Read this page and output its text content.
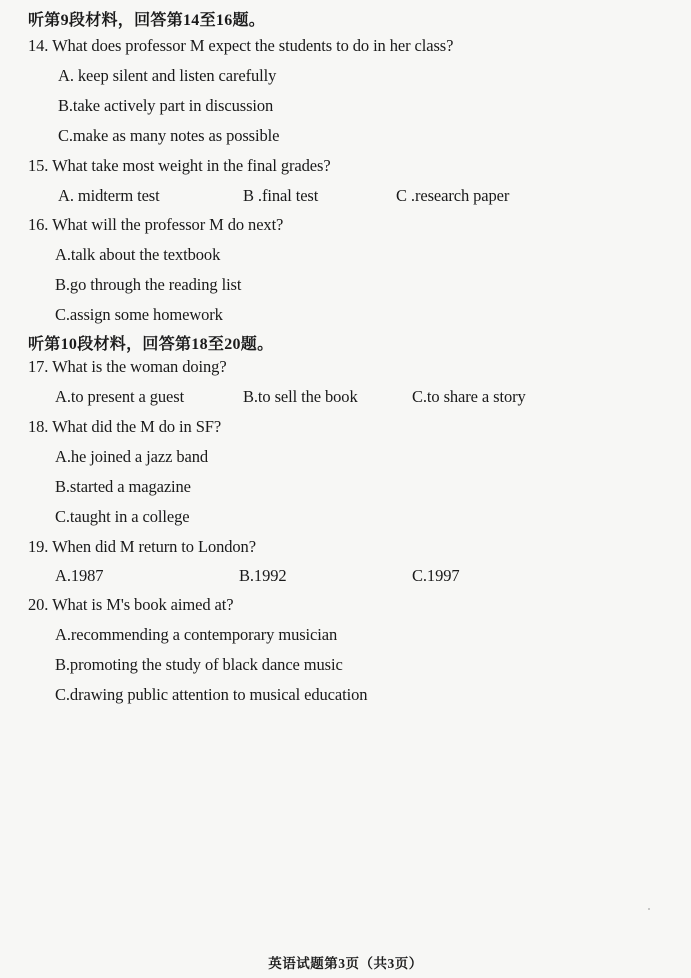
听第9段材料，回答第14至16题。
14. What does professor M expect the students to do in her class?
A. keep silent and listen carefully
B.take actively part in discussion
C.make as many notes as possible
15. What take most weight in the final grades?
A. midterm test	B .final test	C .research paper
16. What will the professor M do next?
A.talk about the textbook
B.go through the reading list
C.assign some homework
听第10段材料，回答第18至20题。
17. What is the woman doing?
A.to present a guest	B.to sell the book	C.to share a story
18. What did the M do in SF?
A.he joined a jazz band
B.started a magazine
C.taught in a college
19. When did M return to London?
A.1987	B.1992	C.1997
20. What is M's book aimed at?
A.recommending a contemporary musician
B.promoting the study of black dance music
C.drawing public attention to musical education
英语试题第3页（共3页）
